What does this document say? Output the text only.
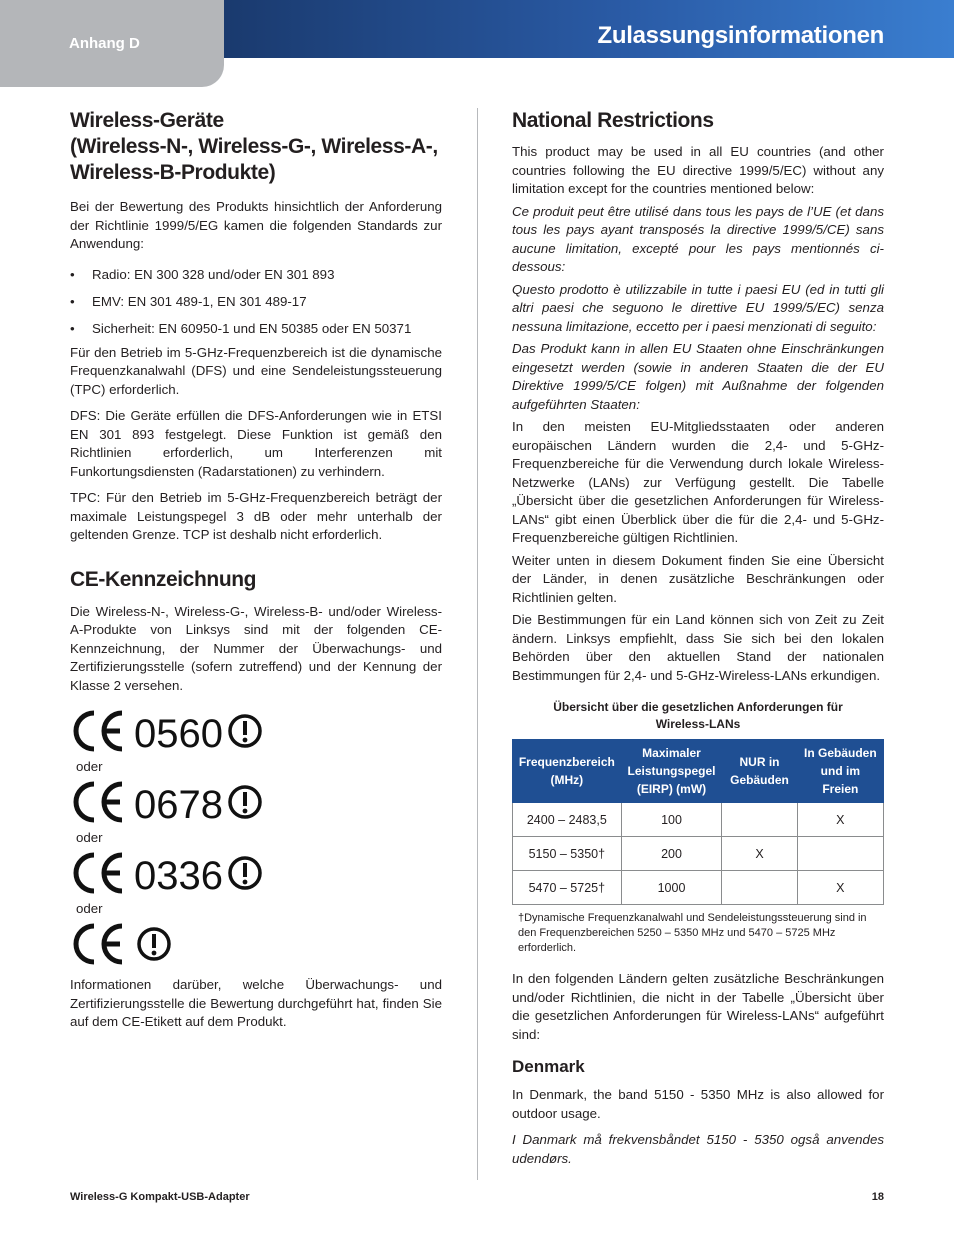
Anhang D	Zulassungsinformationen
Wireless-Geräte
(Wireless-N-, Wireless-G-, Wireless-A-,
Wireless-B-Produkte)

Bei der Bewertung des Produkts hinsichtlich der Anforderung der Richtlinie 1999/5/EG kamen die folgenden Standards zur Anwendung:

• Radio: EN 300 328 und/oder EN 301 893
• EMV: EN 301 489-1, EN 301 489-17
• Sicherheit: EN 60950-1 und EN 50385 oder EN 50371

Für den Betrieb im 5-GHz-Frequenzbereich ist die dynamische Frequenzkanalwahl (DFS) und eine Sendeleistungssteuerung (TPC) erforderlich.

DFS: Die Geräte erfüllen die DFS-Anforderungen wie in ETSI EN 301 893 festgelegt. Diese Funktion ist gemäß den Richtlinien erforderlich, um Interferenzen mit Funkortungsdiensten (Radarstationen) zu verhindern.

TPC: Für den Betrieb im 5-GHz-Frequenzbereich beträgt der maximale Leistungspegel 3 dB oder mehr unterhalb der geltenden Grenze. TCP ist deshalb nicht erforderlich.

CE-Kennzeichnung

Die Wireless-N-, Wireless-G-, Wireless-B- und/oder Wireless-A-Produkte von Linksys sind mit der folgenden CE-Kennzeichnung, der Nummer der Überwachungs- und Zertifizierungsstelle (sofern zutreffend) und der Kennung der Klasse 2 versehen.

0560
oder
0678
oder
0336
oder

Informationen darüber, welche Überwachungs- und Zertifizierungsstelle die Bewertung durchgeführt hat, finden Sie auf dem CE-Etikett auf dem Produkt.

National Restrictions

This product may be used in all EU countries (and other countries following the EU directive 1999/5/EC) without any limitation except for the countries mentioned below:

Ce produit peut être utilisé dans tous les pays de l’UE (et dans tous les pays ayant transposés la directive 1999/5/CE) sans aucune limitation, excepté pour les pays mentionnés ci-dessous:

Questo prodotto è utilizzabile in tutte i paesi EU (ed in tutti gli altri paesi che seguono le direttive EU 1999/5/EC) senza nessuna limitazione, eccetto per i paesi menzionati di seguito:

Das Produkt kann in allen EU Staaten ohne Einschränkungen eingesetzt werden (sowie in anderen Staaten die der EU Direktive 1999/5/CE folgen) mit Außnahme der folgenden aufgeführten Staaten:

In den meisten EU-Mitgliedsstaaten oder anderen europäischen Ländern wurden die 2,4- und 5-GHz-Frequenzbereiche für die Verwendung durch lokale Wireless-Netzwerke (LANs) zur Verfügung gestellt. Die Tabelle „Übersicht über die gesetzlichen Anforderungen für Wireless-LANs“ gibt einen Überblick über die für die 2,4- und 5-GHz-Frequenzbereiche gültigen Richtlinien.

Weiter unten in diesem Dokument finden Sie eine Übersicht der Länder, in denen zusätzliche Beschränkungen oder Richtlinien gelten.

Die Bestimmungen für ein Land können sich von Zeit zu Zeit ändern. Linksys empfiehlt, dass Sie sich bei den lokalen Behörden über den aktuellen Stand der nationalen Bestimmungen für 2,4- und 5-GHz-Wireless-LANs erkundigen.

Übersicht über die gesetzlichen Anforderungen für
Wireless-LANs
Frequenzbereich (MHz)	Maximaler Leistungspegel (EIRP) (mW)	NUR in Gebäuden	In Gebäuden und im Freien
2400 – 2483,5	100		X
5150 – 5350†	200	X	
5470 – 5725†	1000		X
†Dynamische Frequenzkanalwahl und Sendeleistungssteuerung sind in den Frequenzbereichen 5250 – 5350 MHz und 5470 – 5725 MHz erforderlich.

In den folgenden Ländern gelten zusätzliche Beschränkungen und/oder Richtlinien, die nicht in der Tabelle „Übersicht über die gesetzlichen Anforderungen für Wireless-LANs“ aufgeführt sind:

Denmark

In Denmark, the band 5150 - 5350 MHz is also allowed for outdoor usage.

I Danmark må frekvensbåndet 5150 - 5350 også anvendes udendørs.

Wireless-G Kompakt-USB-Adapter	18
